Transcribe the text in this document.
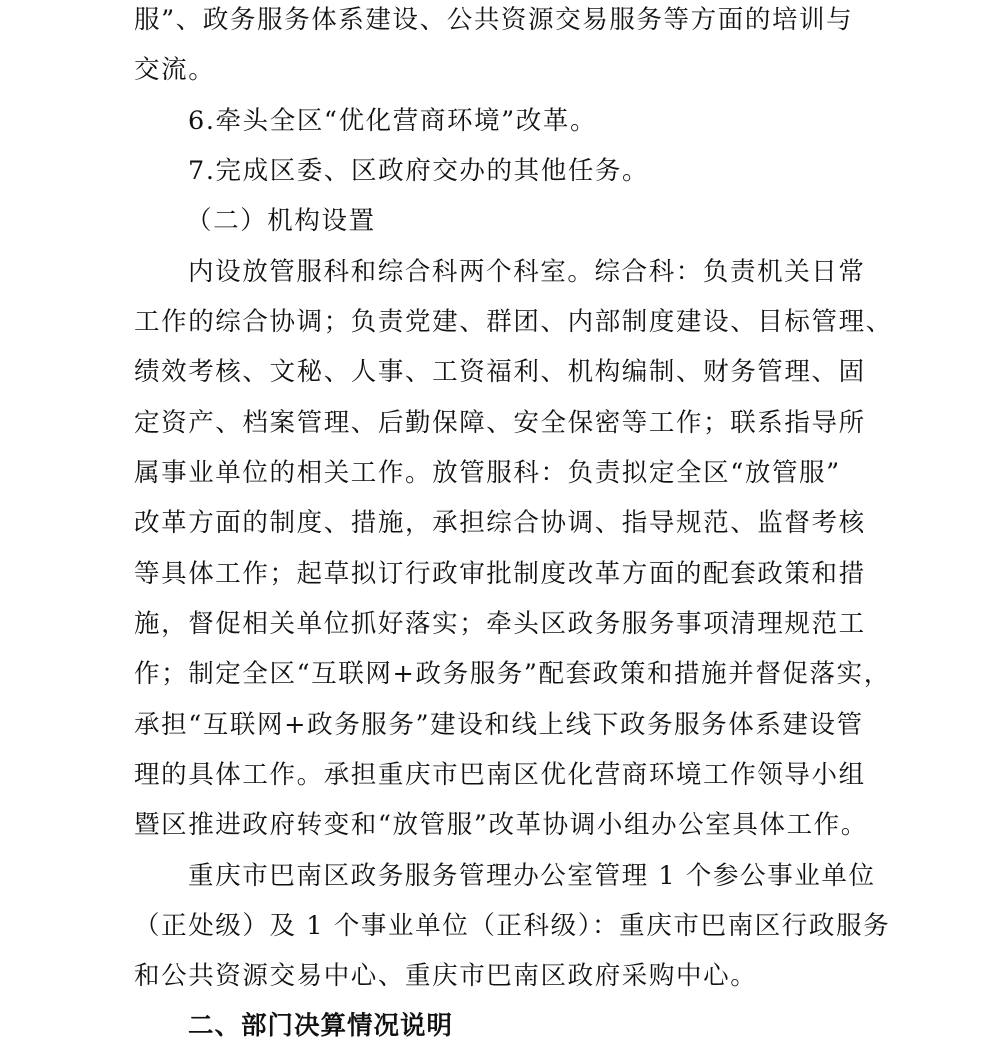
服”、政务服务体系建设、公共资源交易服务等方面的培训与
交流。
6.牵头全区“优化营商环境”改革。
7.完成区委、区政府交办的其他任务。
（二）机构设置
内设放管服科和综合科两个科室。综合科：负责机关日常
工作的综合协调；负责党建、群团、内部制度建设、目标管理、
绩效考核、文秘、人事、工资福利、机构编制、财务管理、固
定资产、档案管理、后勤保障、安全保密等工作；联系指导所
属事业单位的相关工作。放管服科：负责拟定全区“放管服”
改革方面的制度、措施，承担综合协调、指导规范、监督考核
等具体工作；起草拟订行政审批制度改革方面的配套政策和措
施，督促相关单位抓好落实；牵头区政务服务事项清理规范工
作；制定全区“互联网+政务服务”配套政策和措施并督促落实，
承担“互联网+政务服务”建设和线上线下政务服务体系建设管
理的具体工作。承担重庆市巴南区优化营商环境工作领导小组
暨区推进政府转变和“放管服”改革协调小组办公室具体工作。
重庆市巴南区政务服务管理办公室管理 1 个参公事业单位
（正处级）及 1 个事业单位（正科级）：重庆市巴南区行政服务
和公共资源交易中心、重庆市巴南区政府采购中心。
二、部门决算情况说明
